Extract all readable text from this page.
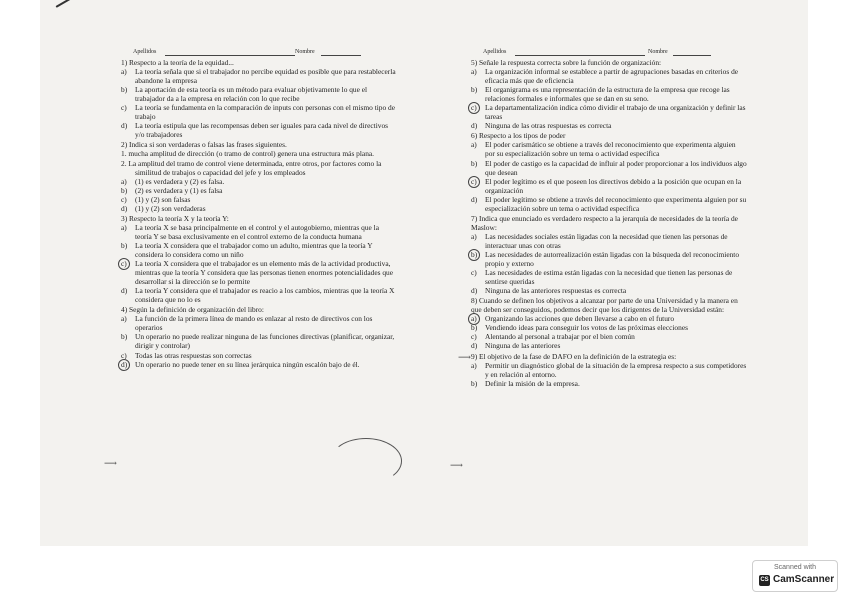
Apellidos	Nombre
1) Respecto a la teoría de la equidad...
a) La teoría señala que si el trabajador no percibe equidad es posible que para restablecerla abandone la empresa
b) La aportación de esta teoría es un método para evaluar objetivamente lo que el trabajador da a la empresa en relación con lo que recibe
c) La teoría se fundamenta en la comparación de inputs con personas con el mismo tipo de trabajo
d) La teoría estipula que las recompensas deben ser iguales para cada nivel de directivos y/o trabajadores
2) Indica si son verdaderas o falsas las frases siguientes.
1. mucha amplitud de dirección (o tramo de control) genera una estructura más plana.
2. La amplitud del tramo de control viene determinada, entre otros, por factores como la similitud de trabajos o capacidad del jefe y los empleados
a) (1) es verdadera y (2) es falsa.
b) (2) es verdadera y (1) es falsa
c) (1) y (2) son falsas
d) (1) y (2) son verdaderas
3) Respecto la teoría X y la teoría Y:
a) La teoría X se basa principalmente en el control y el autogobierno, mientras que la teoría Y se basa exclusivamente en el control externo de la conducta humana
b) La teoría X considera que el trabajador como un adulto, mientras que la teoría Y considera lo considera como un niño
c) La teoría X considera que el trabajador es un elemento más de la actividad productiva, mientras que la teoría Y considera que las personas tienen enormes potencialidades que desarrollar si la dirección se lo permite
d) La teoría Y considera que el trabajador es reacio a los cambios, mientras que la teoría X considera que no lo es
4) Según la definición de organización del libro:
a) La función de la primera línea de mando es enlazar al resto de directivos con los operarios
b) Un operario no puede realizar ninguna de las funciones directivas (planificar, organizar, dirigir y controlar)
c) Todas las otras respuestas son correctas
d) Un operario no puede tener en su línea jerárquica ningún escalón bajo de él.
⟶
Apellidos	Nombre
5) Señale la respuesta correcta sobre la función de organización:
a) La organización informal se establece a partir de agrupaciones basadas en criterios de eficacia más que de eficiencia
b) El organigrama es una representación de la estructura de la empresa que recoge las relaciones formales e informales que se dan en su seno.
c) La departamentalización indica cómo dividir el trabajo de una organización y definir las tareas
d) Ninguna de las otras respuestas es correcta
6) Respecto a los tipos de poder
a) El poder carismático se obtiene a través del reconocimiento que experimenta alguien por su especialización sobre un tema o actividad específica
b) El poder de castigo es la capacidad de influir al poder proporcionar a los individuos algo que desean
c) El poder legítimo es el que poseen los directivos debido a la posición que ocupan en la organización
d) El poder legítimo se obtiene a través del reconocimiento que experimenta alguien por su especialización sobre un tema o actividad específica
7) Indica que enunciado es verdadero respecto a la jerarquía de necesidades de la teoría de Maslow:
a) Las necesidades sociales están ligadas con la necesidad que tienen las personas de interactuar unas con otras
b) Las necesidades de autorrealización están ligadas con la búsqueda del reconocimiento propio y externo
c) Las necesidades de estima están ligadas con la necesidad que tienen las personas de sentirse queridas
d) Ninguna de las anteriores respuestas es correcta
8) Cuando se definen los objetivos a alcanzar por parte de una Universidad y la manera en que deben ser conseguidos, podemos decir que los dirigentes de la Universidad están:
a) Organizando las acciones que deben llevarse a cabo en el futuro
b) Vendiendo ideas para conseguir los votos de las próximas elecciones
c) Alentando al personal a trabajar por el bien común
d) Ninguna de las anteriores
9) El objetivo de la fase de DAFO en la definición de la estrategia es:
a) Permitir un diagnóstico global de la situación de la empresa respecto a sus competidores y en relación al entorno.
b) Definir la misión de la empresa.
⟶
⟶
Scanned with
CS CamScanner
